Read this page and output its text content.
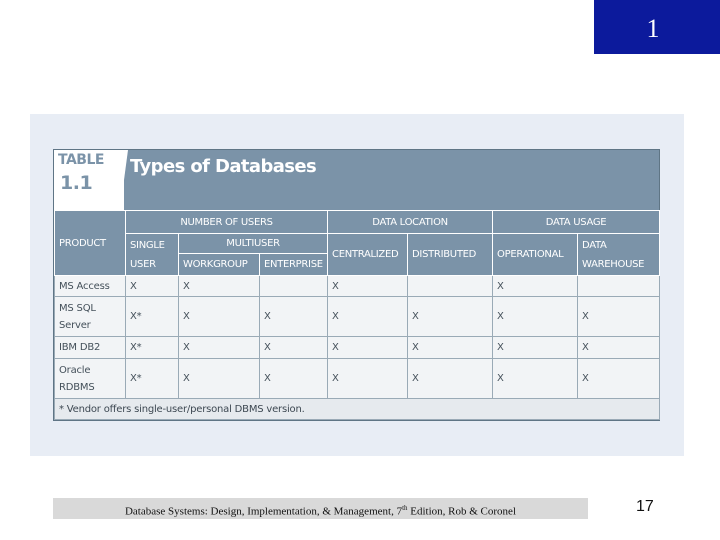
1
TABLE
1.1
Types of Databases
PRODUCT	NUMBER OF USERS			DATA LOCATION		DATA USAGE	
	SINGLE USER	MULTIUSER		CENTRALIZED	DISTRIBUTED	OPERATIONAL	DATA WAREHOUSE
		WORKGROUP	ENTERPRISE				
MS Access	X	X		X		X	
MS SQL Server	X*	X	X	X	X	X	X
IBM DB2	X*	X	X	X	X	X	X
Oracle RDBMS	X*	X	X	X	X	X	X
* Vendor offers single-user/personal DBMS version.							
Database Systems: Design, Implementation, & Management, 7th Edition, Rob & Coronel	17
